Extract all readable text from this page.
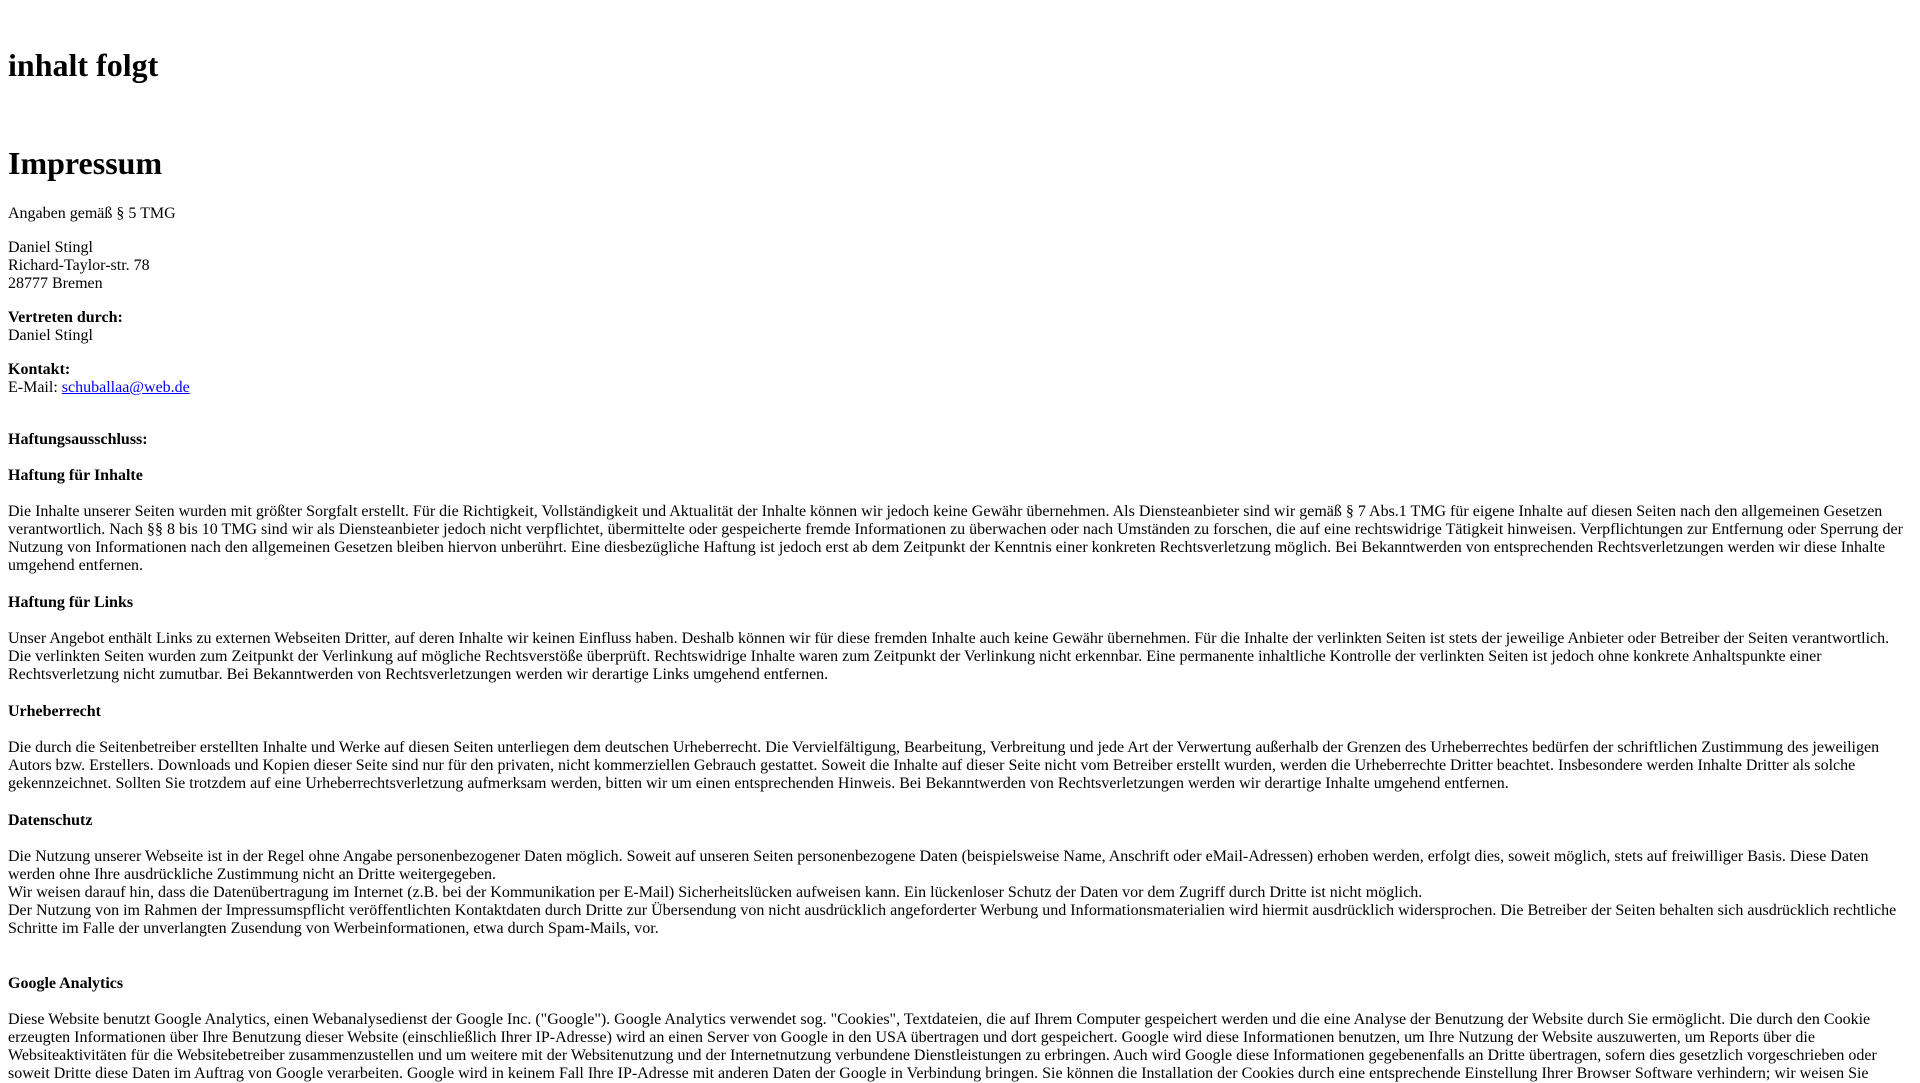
inhalt folgt
Impressum

Angaben gemäß § 5 TMG

Daniel Stingl
Richard-Taylor-str. 78
28777 Bremen
Vertreten durch:
Daniel Stingl
Kontakt:
E-Mail: schuballaa@web.de
Haftungsausschluss:
Haftung für Inhalte

Die Inhalte unserer Seiten wurden mit größter Sorgfalt erstellt. Für die Richtigkeit, Vollständigkeit und Aktualität der Inhalte können wir jedoch keine Gewähr übernehmen. Als Diensteanbieter sind wir gemäß § 7 Abs.1 TMG für eigene Inhalte auf diesen Seiten nach den allgemeinen Gesetzen verantwortlich. Nach §§ 8 bis 10 TMG sind wir als Diensteanbieter jedoch nicht verpflichtet, übermittelte oder gespeicherte fremde Informationen zu überwachen oder nach Umständen zu forschen, die auf eine rechtswidrige Tätigkeit hinweisen. Verpflichtungen zur Entfernung oder Sperrung der Nutzung von Informationen nach den allgemeinen Gesetzen bleiben hiervon unberührt. Eine diesbezügliche Haftung ist jedoch erst ab dem Zeitpunkt der Kenntnis einer konkreten Rechtsverletzung möglich. Bei Bekanntwerden von entsprechenden Rechtsverletzungen werden wir diese Inhalte umgehend entfernen.

Haftung für Links

Unser Angebot enthält Links zu externen Webseiten Dritter, auf deren Inhalte wir keinen Einfluss haben. Deshalb können wir für diese fremden Inhalte auch keine Gewähr übernehmen. Für die Inhalte der verlinkten Seiten ist stets der jeweilige Anbieter oder Betreiber der Seiten verantwortlich. Die verlinkten Seiten wurden zum Zeitpunkt der Verlinkung auf mögliche Rechtsverstöße überprüft. Rechtswidrige Inhalte waren zum Zeitpunkt der Verlinkung nicht erkennbar. Eine permanente inhaltliche Kontrolle der verlinkten Seiten ist jedoch ohne konkrete Anhaltspunkte einer Rechtsverletzung nicht zumutbar. Bei Bekanntwerden von Rechtsverletzungen werden wir derartige Links umgehend entfernen.

Urheberrecht

Die durch die Seitenbetreiber erstellten Inhalte und Werke auf diesen Seiten unterliegen dem deutschen Urheberrecht. Die Vervielfältigung, Bearbeitung, Verbreitung und jede Art der Verwertung außerhalb der Grenzen des Urheberrechtes bedürfen der schriftlichen Zustimmung des jeweiligen Autors bzw. Erstellers. Downloads und Kopien dieser Seite sind nur für den privaten, nicht kommerziellen Gebrauch gestattet. Soweit die Inhalte auf dieser Seite nicht vom Betreiber erstellt wurden, werden die Urheberrechte Dritter beachtet. Insbesondere werden Inhalte Dritter als solche gekennzeichnet. Sollten Sie trotzdem auf eine Urheberrechtsverletzung aufmerksam werden, bitten wir um einen entsprechenden Hinweis. Bei Bekanntwerden von Rechtsverletzungen werden wir derartige Inhalte umgehend entfernen.

Datenschutz
Die Nutzung unserer Webseite ist in der Regel ohne Angabe personenbezogener Daten möglich. Soweit auf unseren Seiten personenbezogene Daten (beispielsweise Name, Anschrift oder eMail-Adressen) erhoben werden, erfolgt dies, soweit möglich, stets auf freiwilliger Basis. Diese Daten werden ohne Ihre ausdrückliche Zustimmung nicht an Dritte weitergegeben.
Wir weisen darauf hin, dass die Datenübertragung im Internet (z.B. bei der Kommunikation per E-Mail) Sicherheitslücken aufweisen kann. Ein lückenloser Schutz der Daten vor dem Zugriff durch Dritte ist nicht möglich.
Der Nutzung von im Rahmen der Impressumspflicht veröffentlichten Kontaktdaten durch Dritte zur Übersendung von nicht ausdrücklich angeforderter Werbung und Informationsmaterialien wird hiermit ausdrücklich widersprochen. Die Betreiber der Seiten behalten sich ausdrücklich rechtliche Schritte im Falle der unverlangten Zusendung von Werbeinformationen, etwa durch Spam-Mails, vor.
Google Analytics

Diese Website benutzt Google Analytics, einen Webanalysedienst der Google Inc. ("Google"). Google Analytics verwendet sog. "Cookies", Textdateien, die auf Ihrem Computer gespeichert werden und die eine Analyse der Benutzung der Website durch Sie ermöglicht. Die durch den Cookie erzeugten Informationen über Ihre Benutzung dieser Website (einschließlich Ihrer IP-Adresse) wird an einen Server von Google in den USA übertragen und dort gespeichert. Google wird diese Informationen benutzen, um Ihre Nutzung der Website auszuwerten, um Reports über die Websiteaktivitäten für die Websitebetreiber zusammenzustellen und um weitere mit der Websitenutzung und der Internetnutzung verbundene Dienstleistungen zu erbringen. Auch wird Google diese Informationen gegebenenfalls an Dritte übertragen, sofern dies gesetzlich vorgeschrieben oder soweit Dritte diese Daten im Auftrag von Google verarbeiten. Google wird in keinem Fall Ihre IP-Adresse mit anderen Daten der Google in Verbindung bringen. Sie können die Installation der Cookies durch eine entsprechende Einstellung Ihrer Browser Software verhindern; wir weisen Sie
